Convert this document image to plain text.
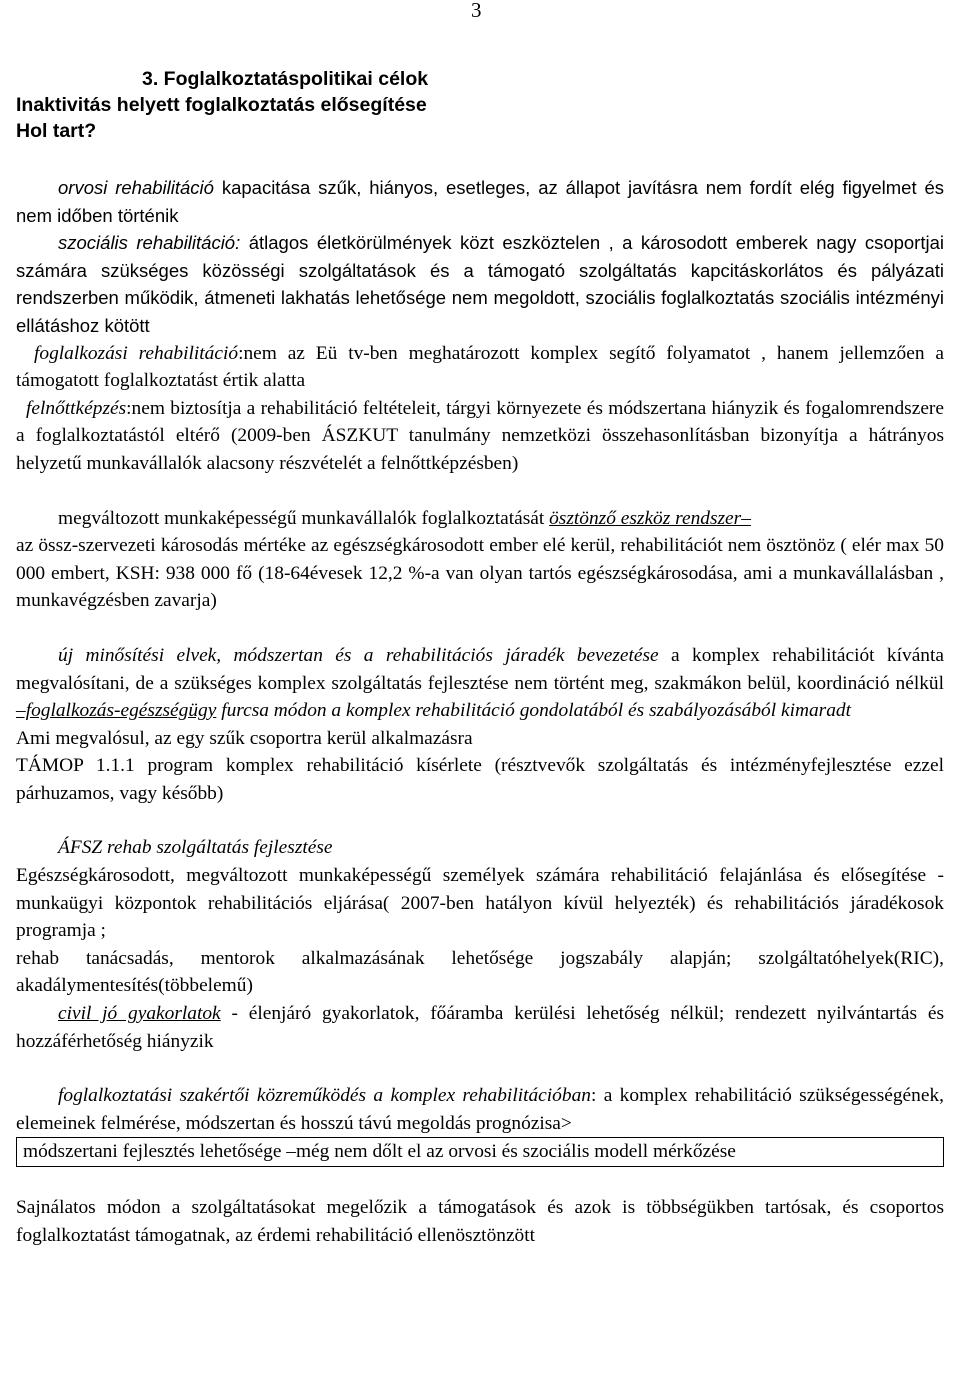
3

3. Foglalkoztatáspolitikai célok

Inaktivitás helyett foglalkoztatás elősegítése

Hol tart?

orvosi rehabilitáció kapacitása szűk, hiányos, esetleges, az állapot javításra nem fordít elég figyelmet és nem időben történik

szociális rehabilitáció: átlagos életkörülmények közt eszköztelen , a károsodott emberek nagy csoportjai számára szükséges közösségi szolgáltatások és a támogató szolgáltatás kapcitáskorlátos és pályázati rendszerben működik, átmeneti lakhatás lehetősége nem megoldott, szociális foglalkoztatás szociális intézményi ellátáshoz kötött

foglalkozási rehabilitáció:nem az Eü tv-ben meghatározott komplex segítő folyamatot , hanem jellemzően a támogatott foglalkoztatást értik alatta

felnőttképzés:nem biztosítja a rehabilitáció feltételeit, tárgyi környezete és módszertana hiányzik és fogalomrendszere a foglalkoztatástól eltérő (2009-ben ÁSZKUT tanulmány nemzetközi összehasonlításban bizonyítja a hátrányos helyzetű munkavállalók alacsony részvételét a felnőttképzésben)

megváltozott munkaképességű munkavállalók foglalkoztatását ösztönző eszköz rendszer–
az össz-szervezeti károsodás mértéke az egészségkárosodott ember elé kerül, rehabilitációt nem ösztönöz ( elér max 50 000 embert, KSH: 938 000 fő (18-64évesek 12,2 %-a van olyan tartós egészségkárosodása, ami a munkavállalásban , munkavégzésben zavarja)

új minősítési elvek, módszertan és a rehabilitációs járadék bevezetése a komplex rehabilitációt kívánta megvalósítani, de a szükséges komplex szolgáltatás fejlesztése nem történt meg, szakmákon belül, koordináció nélkül –foglalkozás-egészségügy furcsa módon a komplex rehabilitáció gondolatából és szabályozásából kimaradt

Ami megvalósul, az egy szűk csoportra kerül alkalmazásra

TÁMOP 1.1.1 program komplex rehabilitáció kísérlete (résztvevők szolgáltatás és intézményfejlesztése ezzel párhuzamos, vagy később)

ÁFSZ rehab szolgáltatás fejlesztése

Egészségkárosodott, megváltozott munkaképességű személyek számára rehabilitáció felajánlása és elősegítése - munkaügyi központok rehabilitációs eljárása( 2007-ben hatályon kívül helyezték) és rehabilitációs járadékosok programja ;

rehab tanácsadás, mentorok alkalmazásának lehetősége jogszabály alapján; szolgáltatóhelyek(RIC), akadálymentesítés(többelemű)

civil jó gyakorlatok - élenjáró gyakorlatok, főáramba kerülési lehetőség nélkül; rendezett nyilvántartás és hozzáférhetőség hiányzik

foglalkoztatási szakértői közreműködés a komplex rehabilitációban: a komplex rehabilitáció szükségességének, elemeinek felmérése, módszertan és hosszú távú megoldás prognózisa>

módszertani fejlesztés lehetősége –még nem dőlt el az orvosi és szociális modell mérkőzése

Sajnálatos módon a szolgáltatásokat megelőzik a támogatások és azok is többségükben tartósak, és csoportos foglalkoztatást támogatnak, az érdemi rehabilitáció ellenösztönzött
